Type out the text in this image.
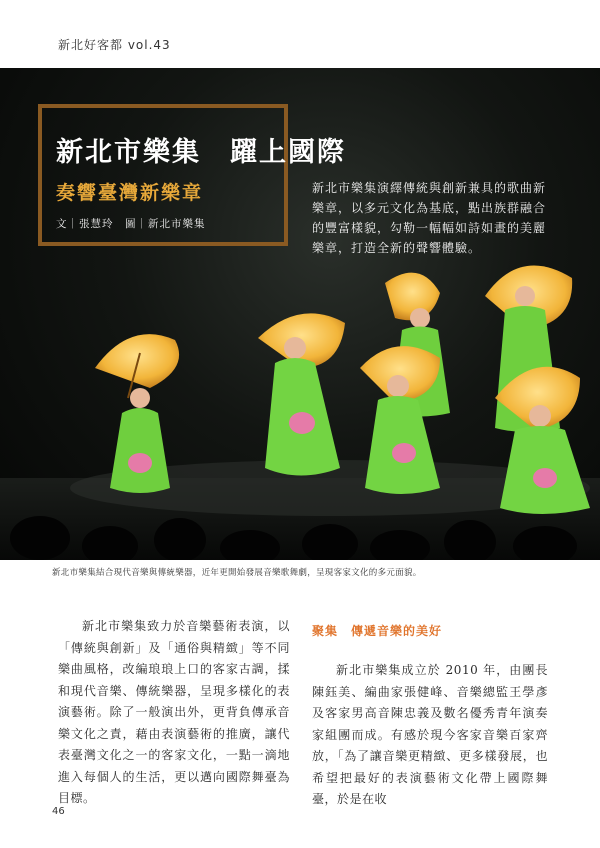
新北好客都 vol.43
新北市樂集　躍上國際
奏響臺灣新樂章
文｜張慧玲　圖｜新北市樂集
新北市樂集演繹傳統與創新兼具的歌曲新樂章，以多元文化為基底，點出族群融合的豐富樣貌，勾勒一幅幅如詩如畫的美麗樂章，打造全新的聲響體驗。
新北市樂集結合現代音樂與傳統樂器，近年更開始發展音樂歌舞劇，呈現客家文化的多元面貌。
新北市樂集致力於音樂藝術表演，以「傳統與創新」及「通俗與精緻」等不同樂曲風格，改編琅琅上口的客家古調，揉和現代音樂、傳統樂器，呈現多樣化的表演藝術。除了一般演出外，更背負傳承音樂文化之責，藉由表演藝術的推廣，讓代表臺灣文化之一的客家文化，一點一滴地進入每個人的生活，更以邁向國際舞臺為目標。
聚集　傳遞音樂的美好
新北市樂集成立於 2010 年，由團長陳鈺美、編曲家張健峰、音樂總監王學彥及客家男高音陳忠義及數名優秀青年演奏家組團而成。有感於現今客家音樂百家齊放，「為了讓音樂更精緻、更多樣發展，也希望把最好的表演藝術文化帶上國際舞臺，於是在收
46
